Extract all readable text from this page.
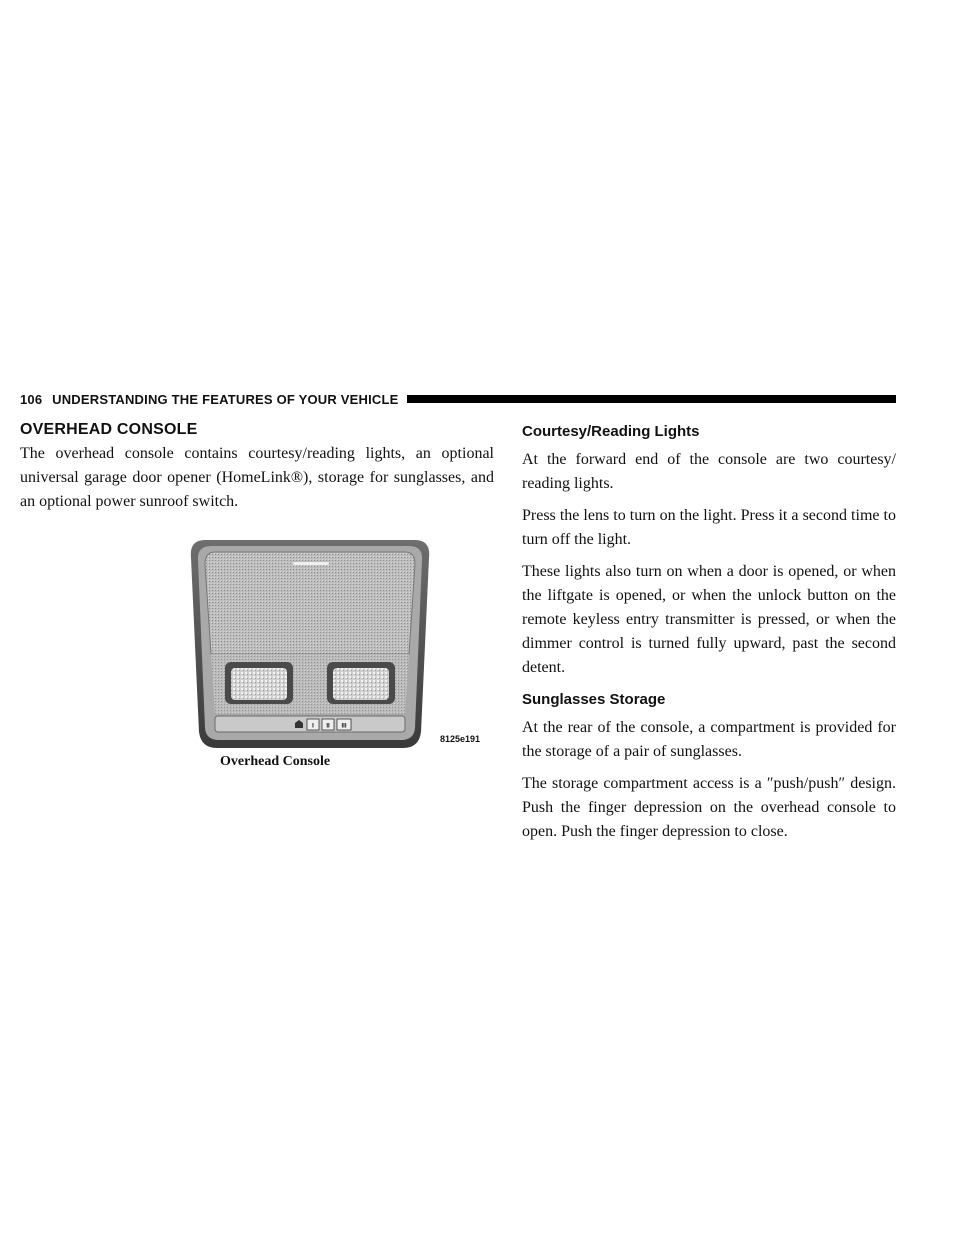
106 UNDERSTANDING THE FEATURES OF YOUR VEHICLE
OVERHEAD CONSOLE

The overhead console contains courtesy/reading lights, an optional universal garage door opener (HomeLink®), storage for sunglasses, and an optional power sunroof switch.

I II III
8125e191
Overhead Console
Courtesy/Reading Lights

At the forward end of the console are two courtesy/ reading lights.

Press the lens to turn on the light. Press it a second time to turn off the light.

These lights also turn on when a door is opened, or when the liftgate is opened, or when the unlock button on the remote keyless entry transmitter is pressed, or when the dimmer control is turned fully upward, past the second detent.

Sunglasses Storage

At the rear of the console, a compartment is provided for the storage of a pair of sunglasses.

The storage compartment access is a ″push/push″ design. Push the finger depression on the overhead console to open. Push the finger depression to close.
